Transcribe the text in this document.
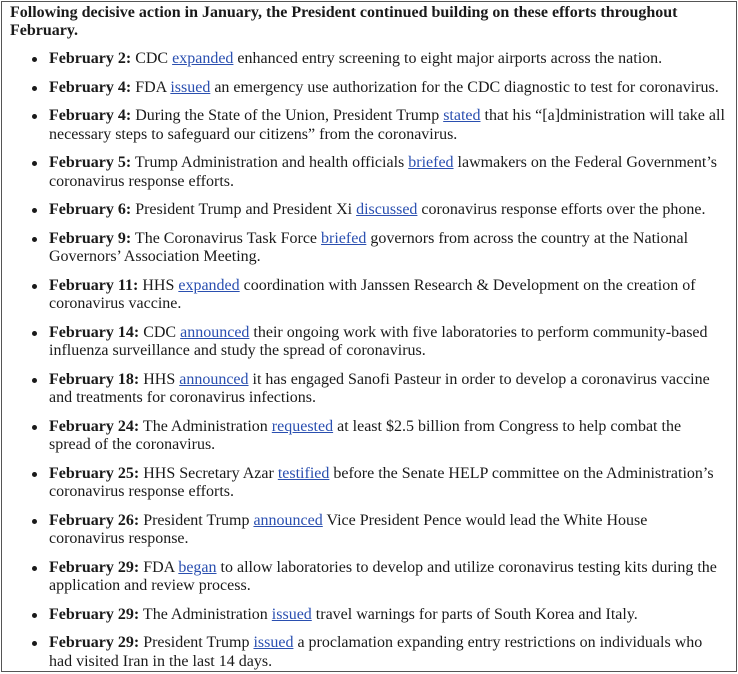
Following decisive action in January, the President continued building on these efforts throughout February.
February 2: CDC expanded enhanced entry screening to eight major airports across the nation.
February 4: FDA issued an emergency use authorization for the CDC diagnostic to test for coronavirus.
February 4: During the State of the Union, President Trump stated that his “[a]dministration will take all necessary steps to safeguard our citizens” from the coronavirus.
February 5: Trump Administration and health officials briefed lawmakers on the Federal Government’s coronavirus response efforts.
February 6: President Trump and President Xi discussed coronavirus response efforts over the phone.
February 9: The Coronavirus Task Force briefed governors from across the country at the National Governors’ Association Meeting.
February 11: HHS expanded coordination with Janssen Research & Development on the creation of coronavirus vaccine.
February 14: CDC announced their ongoing work with five laboratories to perform community-based influenza surveillance and study the spread of coronavirus.
February 18: HHS announced it has engaged Sanofi Pasteur in order to develop a coronavirus vaccine and treatments for coronavirus infections.
February 24: The Administration requested at least $2.5 billion from Congress to help combat the spread of the coronavirus.
February 25: HHS Secretary Azar testified before the Senate HELP committee on the Administration’s coronavirus response efforts.
February 26: President Trump announced Vice President Pence would lead the White House coronavirus response.
February 29: FDA began to allow laboratories to develop and utilize coronavirus testing kits during the application and review process.
February 29: The Administration issued travel warnings for parts of South Korea and Italy.
February 29: President Trump issued a proclamation expanding entry restrictions on individuals who had visited Iran in the last 14 days.
